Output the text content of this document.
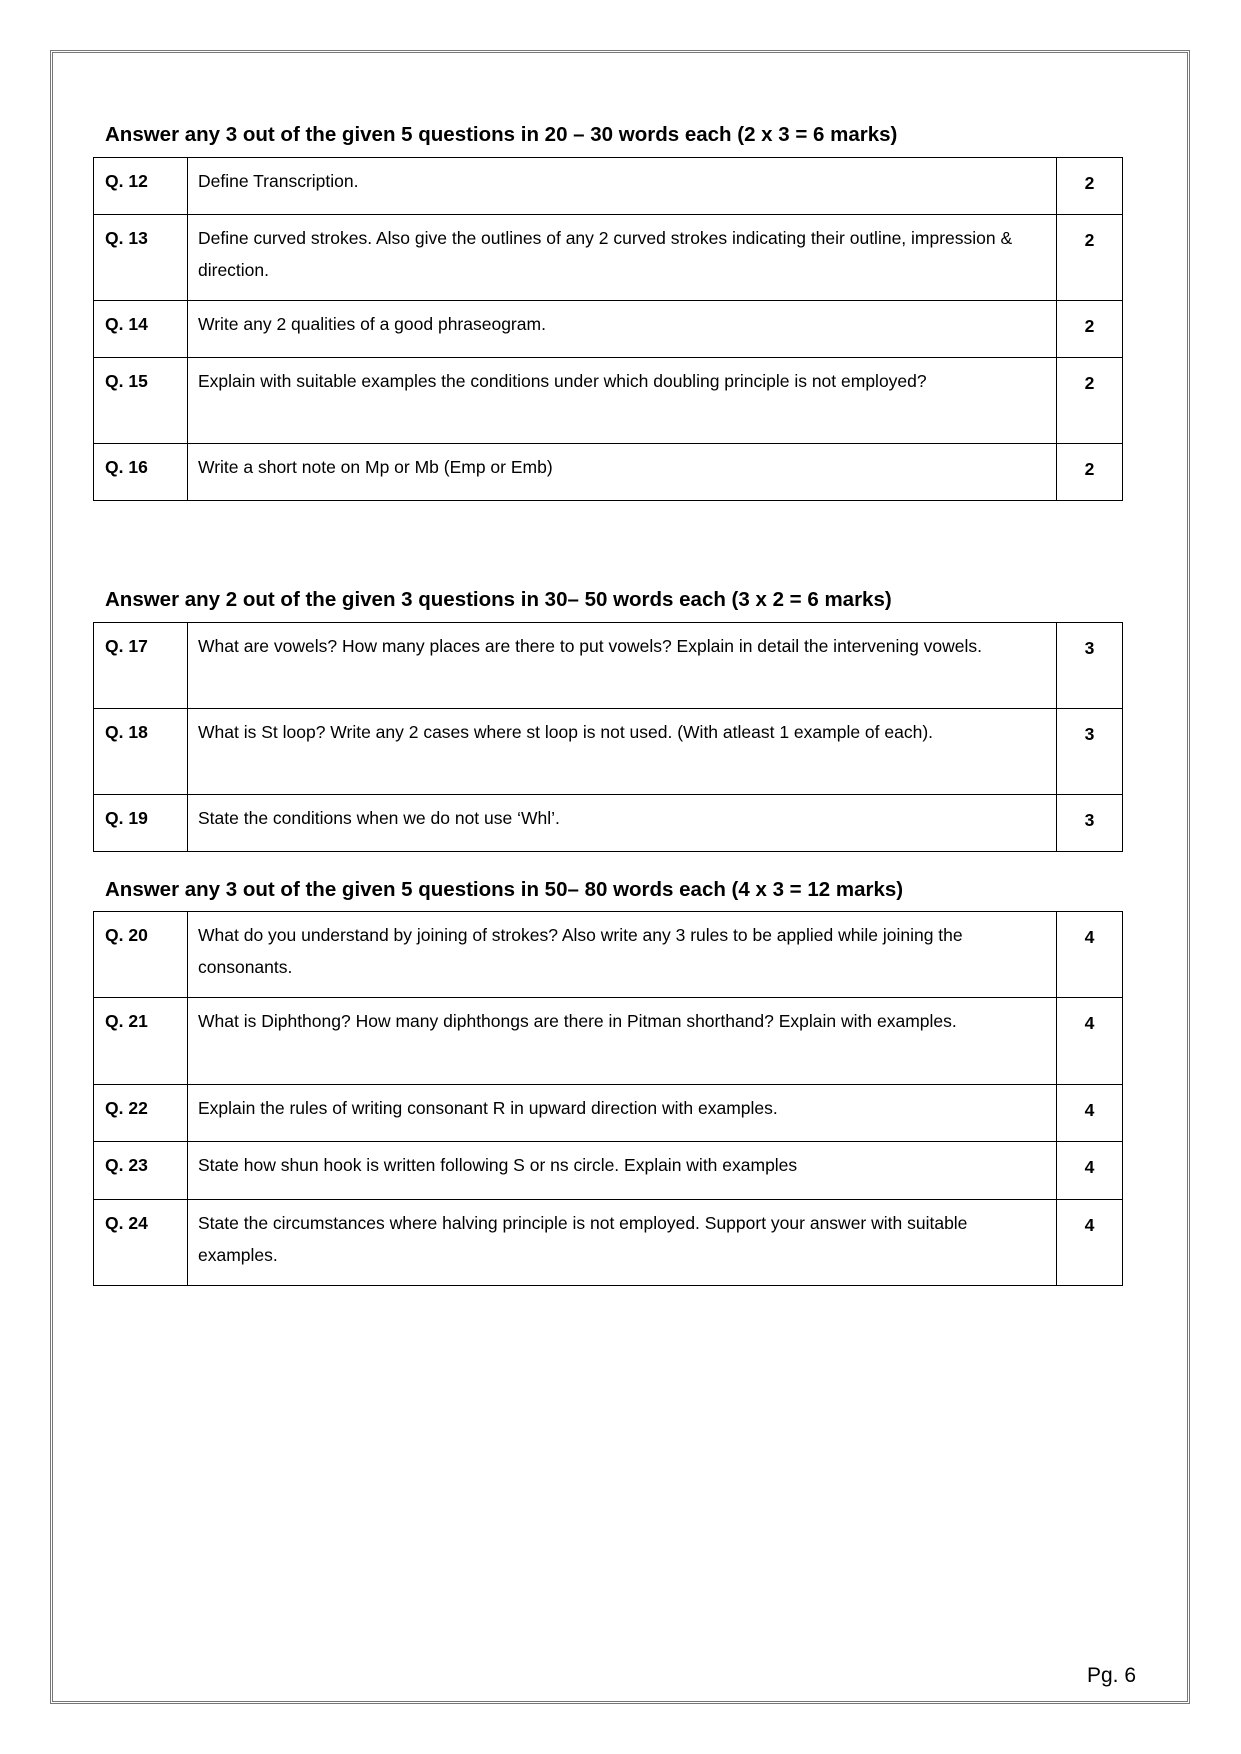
Answer any 3 out of the given 5 questions in 20 – 30 words each (2 x 3 = 6 marks)
Q. 12	Define Transcription.	2
Q. 13	Define curved strokes. Also give the outlines of any 2 curved strokes indicating their outline, impression & direction.	2
Q. 14	Write any 2 qualities of a good phraseogram.	2
Q. 15	Explain with suitable examples the conditions under which doubling principle is not employed?	2
Q. 16	Write a short note on Mp or Mb (Emp or Emb)	2
Answer any 2 out of the given 3 questions in 30– 50 words each (3 x 2 = 6 marks)
Q. 17	What are vowels? How many places are there to put vowels? Explain in detail the intervening vowels.	3
Q. 18	What is St loop? Write any 2 cases where st loop is not used. (With atleast 1 example of each).	3
Q. 19	State the conditions when we do not use ‘Whl’.	3
Answer any 3 out of the given 5 questions in 50– 80 words each (4 x 3 = 12 marks)
Q. 20	What do you understand by joining of strokes? Also write any 3 rules to be applied while joining the consonants.	4
Q. 21	What is Diphthong? How many diphthongs are there in Pitman shorthand? Explain with examples.	4
Q. 22	Explain the rules of writing consonant R in upward direction with examples.	4
Q. 23	State how shun hook is written following S or ns circle. Explain with examples	4
Q. 24	State the circumstances where halving principle is not employed. Support your answer with suitable examples.	4
Pg. 6
